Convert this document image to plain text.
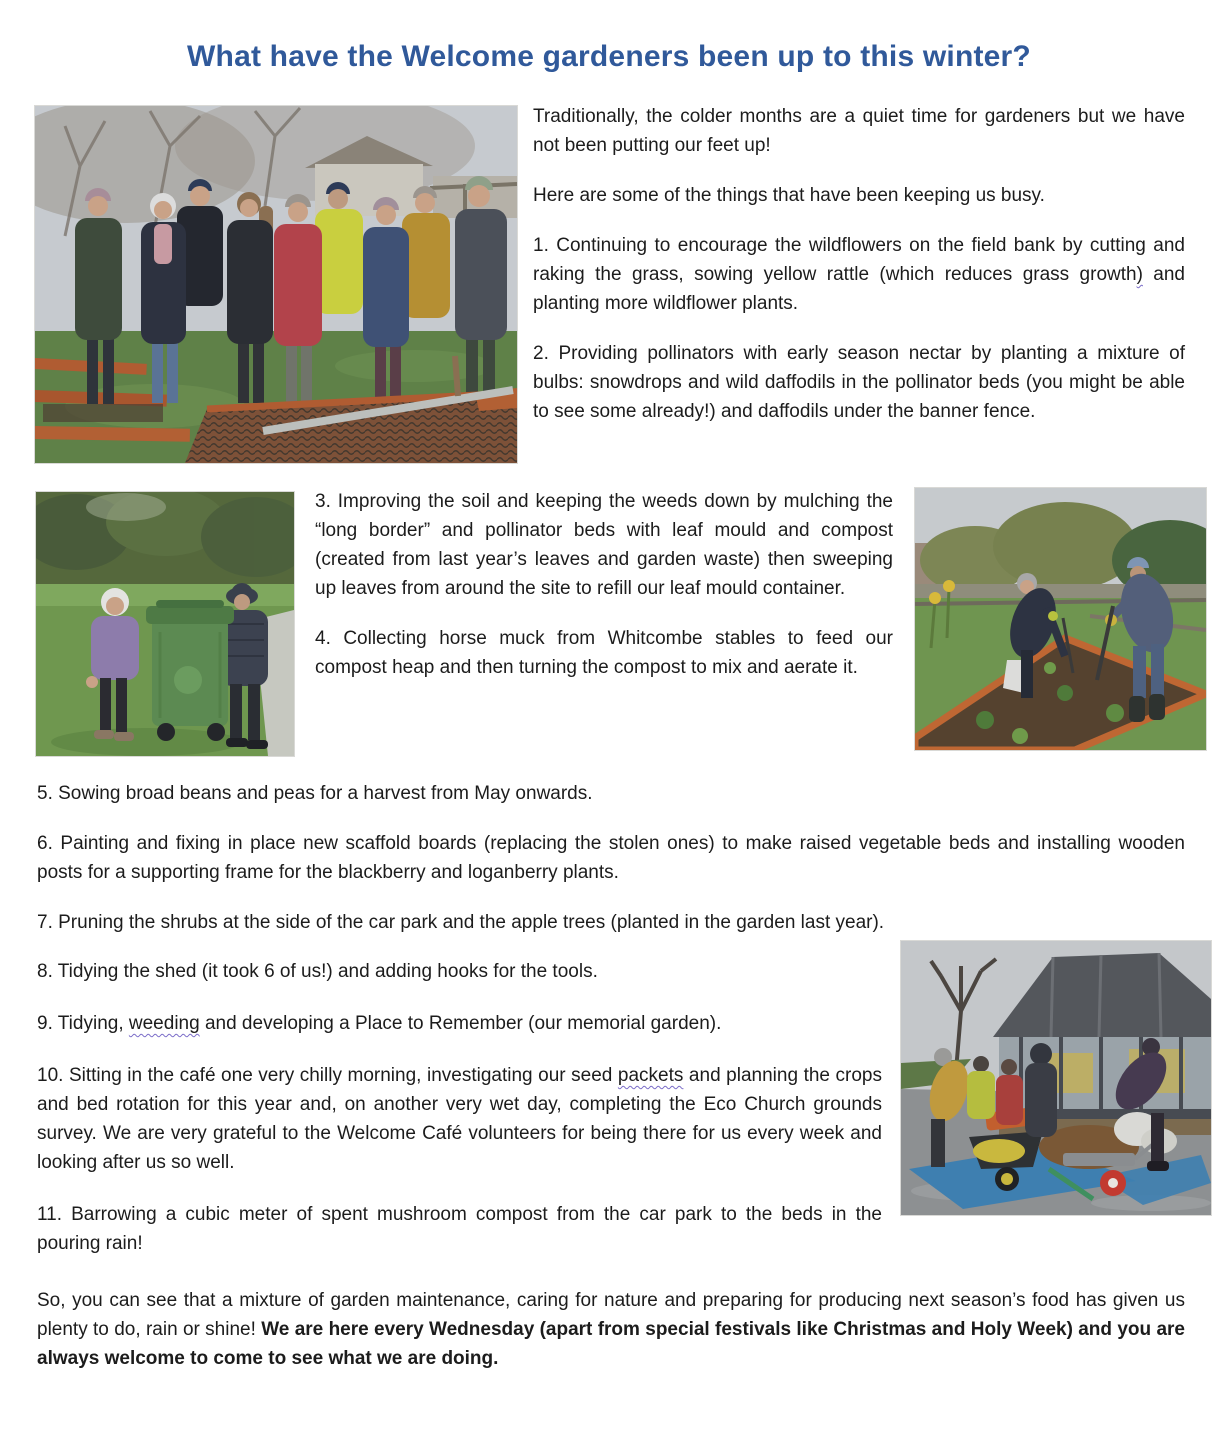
What have the Welcome gardeners been up to this winter?

Traditionally, the colder months are a quiet time for gardeners but we have not been putting our feet up!

Here are some of the things that have been keeping us busy.

1. Continuing to encourage the wildflowers on the field bank by cutting and raking the grass, sowing yellow rattle (which reduces grass growth) and planting more wildflower plants.

2. Providing pollinators with early season nectar by planting a mixture of bulbs: snowdrops and wild daffodils in the pollinator beds (you might be able to see some already!) and daffodils under the banner fence.

3. Improving the soil and keeping the weeds down by mulching the “long border” and pollinator beds with leaf mould and compost (created from last year’s leaves and garden waste) then sweeping up leaves from around the site to refill our leaf mould container.

4. Collecting horse muck from Whitcombe stables to feed our compost heap and then turning the compost to mix and aerate it.

5. Sowing broad beans and peas for a harvest from May onwards.

6. Painting and fixing in place new scaffold boards (replacing the stolen ones) to make raised vegetable beds and installing wooden posts for a supporting frame for the blackberry and loganberry plants.

7. Pruning the shrubs at the side of the car park and the apple trees (planted in the garden last year).

8. Tidying the shed (it took 6 of us!) and adding hooks for the tools.

9. Tidying, weeding and developing a Place to Remember (our memorial garden).

10. Sitting in the café one very chilly morning, investigating our seed packets and planning the crops and bed rotation for this year and, on another very wet day, completing the Eco Church grounds survey. We are very grateful to the Welcome Café volunteers for being there for us every week and looking after us so well.

11. Barrowing a cubic meter of spent mushroom compost from the car park to the beds in the pouring rain!

So, you can see that a mixture of garden maintenance, caring for nature and preparing for producing next season’s food has given us plenty to do, rain or shine! We are here every Wednesday (apart from special festivals like Christmas and Holy Week) and you are always welcome to come to see what we are doing.
